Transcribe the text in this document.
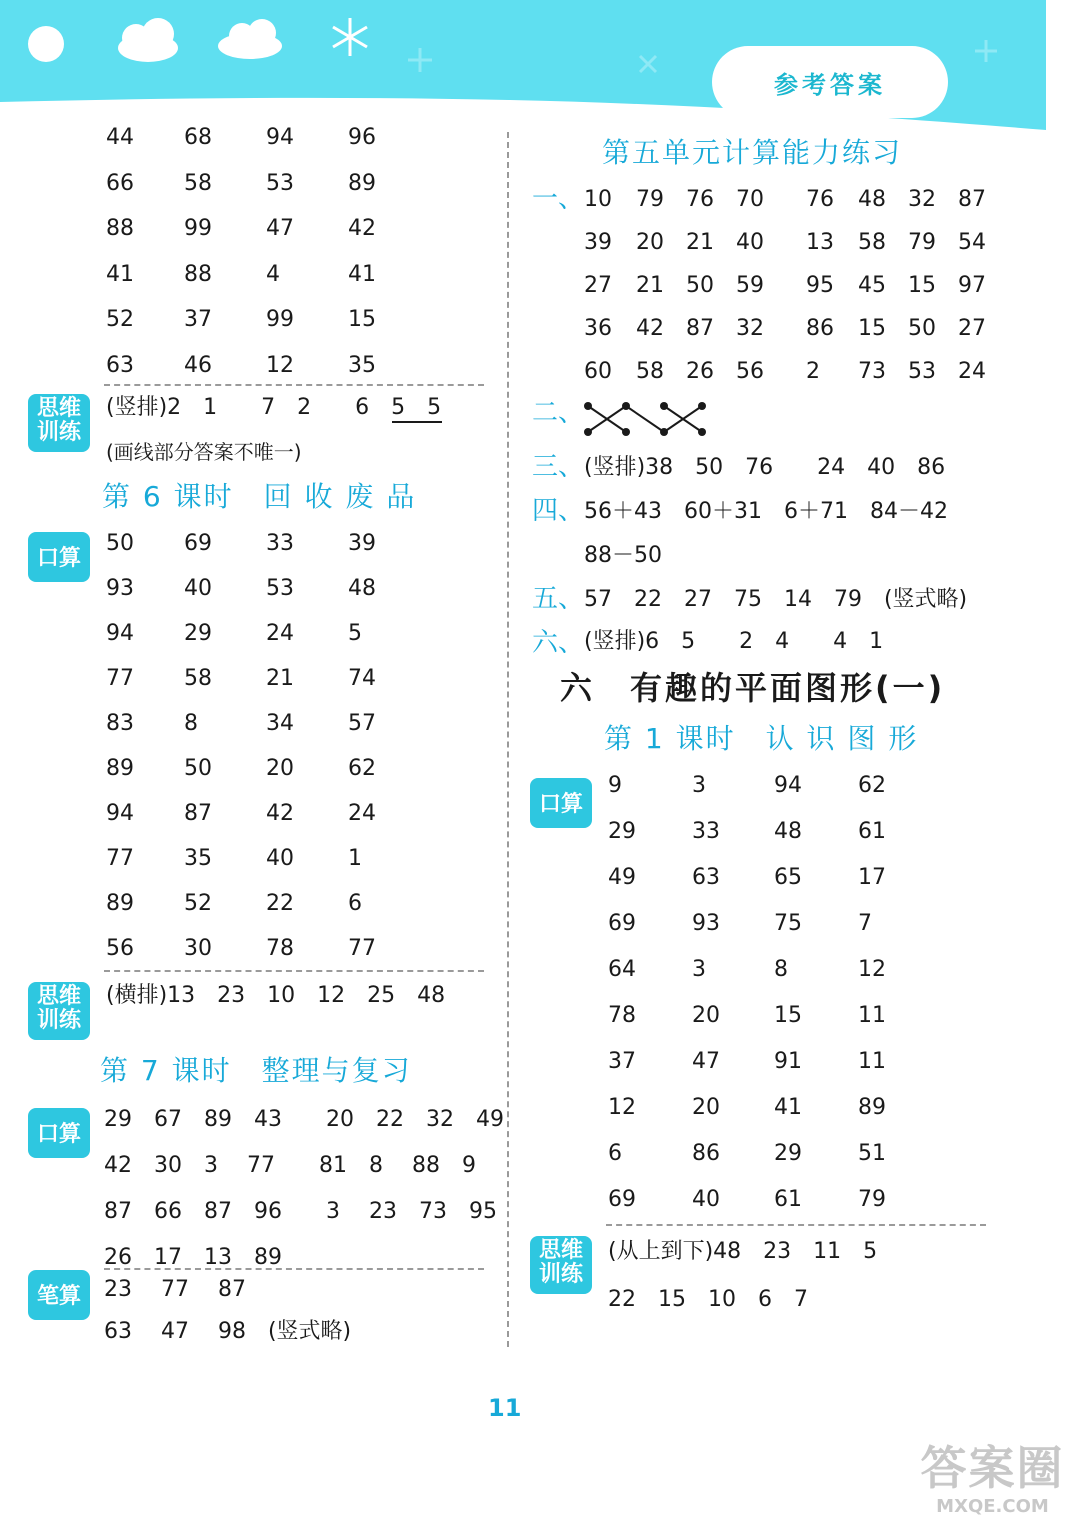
参考答案
44 68 94 96
66 58 53 89
88 99 47 42
41 88 4	41
52 37 99 15
63 46 12 35
思维训练
(竖排)2　1　　7　2　　6　5　5
(画线部分答案不唯一)
第 6 课时　回 收 废 品
口算
50 69 33 39
93 40 53 48
94 29 24 5
77 58 21 74
83 8	34 57
89 50 20 62
94 87 42 24
77 35 40 1
89 52 22 6
56 30 78 77
思维训练
(横排)13　23　10　12　25　48
第 7 课时　整理与复习
口算
29　67　89　43　　20　22　32　49
42　30　3　 77　　81　8　 88　9
87　66　87　96　　3　 23　73　95
26　17　13　89
笔算	23　 77　 87
63　 47　 98　(竖式略)
第五单元计算能力练习
一、 10 79 76 70 76 48 32 87
39 20 21 40 13 58 79 54
27 21 50 59 95 45 15 97
36 42 87 32 86 15 50 27
60 58 26 56 2 73 53 24
二、
三、 (竖排)38　50　76　　24　40　86
四、 56＋43　60＋31　6＋71　84－42
88－50
五、 57　22　27　75　14　79　(竖式略)
六、 (竖排)6　5　　2　4　　4　1
六　有趣的平面图形(一)
第 1 课时　认 识 图 形
口算
9	3	94	62
29	33 48	61
49	63 65	17
69	93 75	7
64	3	8	12
78	20 15	11
37	47 91	11
12	20 41	89
6	86 29	51
69	40 61	79
思维训练
(从上到下)48　23　11　5
22　15　10　6　7
11
答案圈
MXQE.COM
